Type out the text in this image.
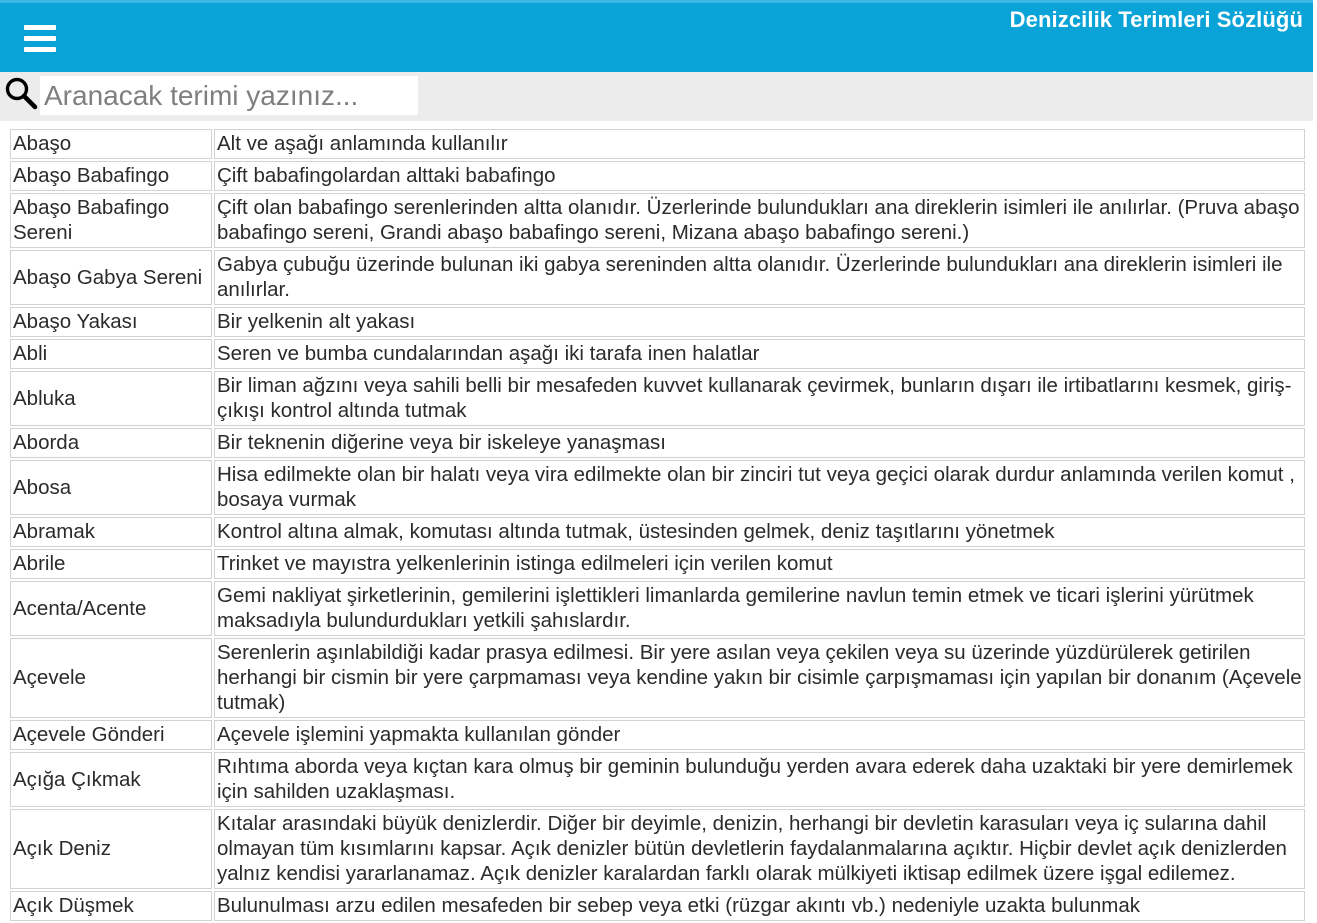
Denizcilik Terimleri Sözlüğü
Aranacak terimi yazınız...
Abaşo	Alt ve aşağı anlamında kullanılır
Abaşo Babafingo	Çift babafingolardan alttaki babafingo
Abaşo Babafingo Sereni	Çift olan babafingo serenlerinden altta olanıdır. Üzerlerinde bulundukları ana direklerin isimleri ile anılırlar. (Pruva abaşo babafingo sereni, Grandi abaşo babafingo sereni, Mizana abaşo babafingo sereni.)
Abaşo Gabya Sereni	Gabya çubuğu üzerinde bulunan iki gabya sereninden altta olanıdır. Üzerlerinde bulundukları ana direklerin isimleri ile anılırlar.
Abaşo Yakası	Bir yelkenin alt yakası
Abli	Seren ve bumba cundalarından aşağı iki tarafa inen halatlar
Abluka	Bir liman ağzını veya sahili belli bir mesafeden kuvvet kullanarak çevirmek, bunların dışarı ile irtibatlarını kesmek, giriş-çıkışı kontrol altında tutmak
Aborda	Bir teknenin diğerine veya bir iskeleye yanaşması
Abosa	Hisa edilmekte olan bir halatı veya vira edilmekte olan bir zinciri tut veya geçici olarak durdur anlamında verilen komut , bosaya vurmak
Abramak	Kontrol altına almak, komutası altında tutmak, üstesinden gelmek, deniz taşıtlarını yönetmek
Abrile	Trinket ve mayıstra yelkenlerinin istinga edilmeleri için verilen komut
Acenta/Acente	Gemi nakliyat şirketlerinin, gemilerini işlettikleri limanlarda gemilerine navlun temin etmek ve ticari işlerini yürütmek maksadıyla bulundurdukları yetkili şahıslardır.
Açevele	Serenlerin aşınlabildiği kadar prasya edilmesi. Bir yere asılan veya çekilen veya su üzerinde yüzdürülerek getirilen herhangi bir cismin bir yere çarpmaması veya kendine yakın bir cisimle çarpışmaması için yapılan bir donanım (Açevele tutmak)
Açevele Gönderi	Açevele işlemini yapmakta kullanılan gönder
Açığa Çıkmak	Rıhtıma aborda veya kıçtan kara olmuş bir geminin bulunduğu yerden avara ederek daha uzaktaki bir yere demirlemek için sahilden uzaklaşması.
Açık Deniz	Kıtalar arasındaki büyük denizlerdir. Diğer bir deyimle, denizin, herhangi bir devletin karasuları veya iç sularına dahil olmayan tüm kısımlarını kapsar. Açık denizler bütün devletlerin faydalanmalarına açıktır. Hiçbir devlet açık denizlerden yalnız kendisi yararlanamaz. Açık denizler karalardan farklı olarak mülkiyeti iktisap edilmek üzere işgal edilemez.
Açık Düşmek	Bulunulması arzu edilen mesafeden bir sebep veya etki (rüzgar akıntı vb.) nedeniyle uzakta bulunmak
